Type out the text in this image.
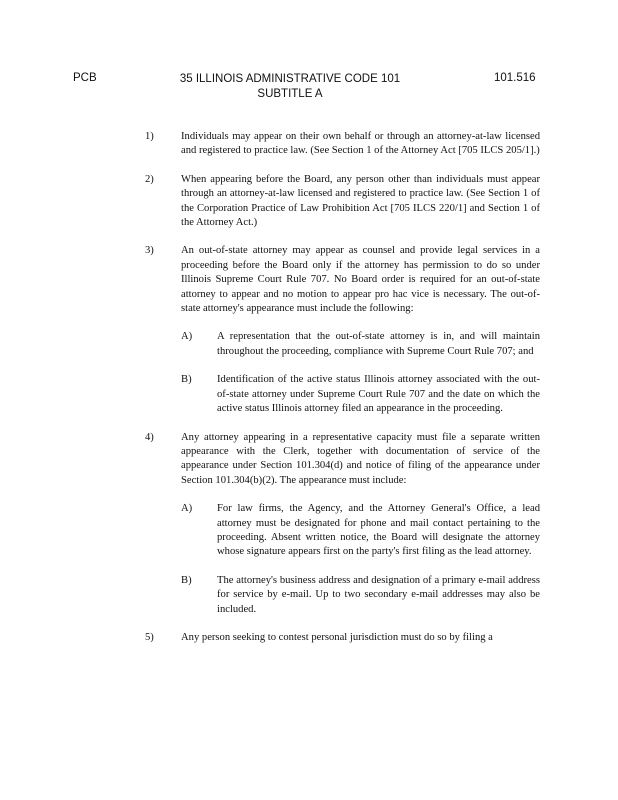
PCB	35 ILLINOIS ADMINISTRATIVE CODE 101
SUBTITLE A
101.516
1)	Individuals may appear on their own behalf or through an attorney-at-law licensed and registered to practice law. (See Section 1 of the Attorney Act [705 ILCS 205/1].)
2)	When appearing before the Board, any person other than individuals must appear through an attorney-at-law licensed and registered to practice law. (See Section 1 of the Corporation Practice of Law Prohibition Act [705 ILCS 220/1] and Section 1 of the Attorney Act.)
3)	An out-of-state attorney may appear as counsel and provide legal services in a proceeding before the Board only if the attorney has permission to do so under Illinois Supreme Court Rule 707. No Board order is required for an out-of-state attorney to appear and no motion to appear pro hac vice is necessary. The out-of-state attorney's appearance must include the following:
A) A representation that the out-of-state attorney is in, and will maintain throughout the proceeding, compliance with Supreme Court Rule 707; and
B) Identification of the active status Illinois attorney associated with the out-of-state attorney under Supreme Court Rule 707 and the date on which the active status Illinois attorney filed an appearance in the proceeding.
4)	Any attorney appearing in a representative capacity must file a separate written appearance with the Clerk, together with documentation of service of the appearance under Section 101.304(d) and notice of filing of the appearance under Section 101.304(b)(2). The appearance must include:
A) For law firms, the Agency, and the Attorney General's Office, a lead attorney must be designated for phone and mail contact pertaining to the proceeding. Absent written notice, the Board will designate the attorney whose signature appears first on the party's first filing as the lead attorney.
B) The attorney's business address and designation of a primary e-mail address for service by e-mail. Up to two secondary e-mail addresses may also be included.
5)	Any person seeking to contest personal jurisdiction must do so by filing a
